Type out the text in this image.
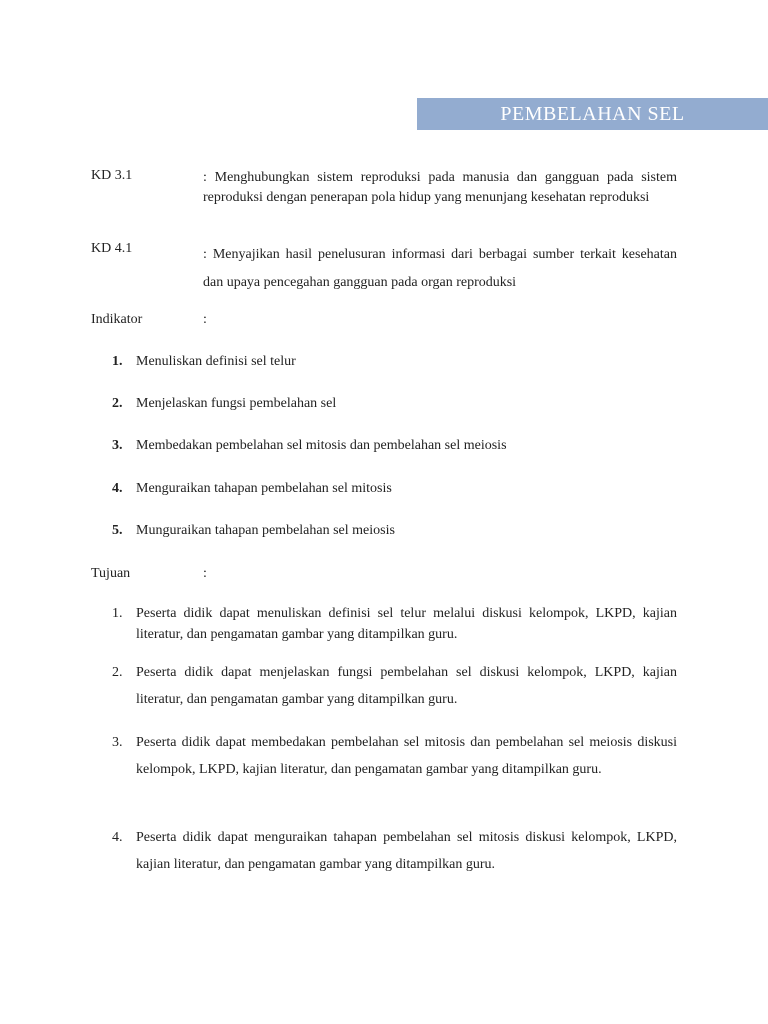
PEMBELAHAN SEL
KD 3.1	: Menghubungkan sistem reproduksi pada manusia dan gangguan pada sistem reproduksi dengan penerapan pola hidup yang menunjang kesehatan reproduksi
KD 4.1	: Menyajikan hasil penelusuran informasi dari berbagai sumber terkait kesehatan dan upaya pencegahan gangguan pada organ reproduksi
Indikator	:
1. Menuliskan definisi sel telur
2. Menjelaskan fungsi pembelahan sel
3. Membedakan pembelahan sel mitosis dan pembelahan sel meiosis
4. Menguraikan tahapan pembelahan sel mitosis
5. Munguraikan tahapan pembelahan sel meiosis
Tujuan	:
1. Peserta didik dapat menuliskan definisi sel telur melalui diskusi kelompok, LKPD, kajian literatur, dan pengamatan gambar yang ditampilkan guru.
2. Peserta didik dapat menjelaskan fungsi pembelahan sel diskusi kelompok, LKPD, kajian literatur, dan pengamatan gambar yang ditampilkan guru.
3. Peserta didik dapat membedakan pembelahan sel mitosis dan pembelahan sel meiosis diskusi kelompok, LKPD, kajian literatur, dan pengamatan gambar yang ditampilkan guru.
4. Peserta didik dapat menguraikan tahapan pembelahan sel mitosis diskusi kelompok, LKPD, kajian literatur, dan pengamatan gambar yang ditampilkan guru.
